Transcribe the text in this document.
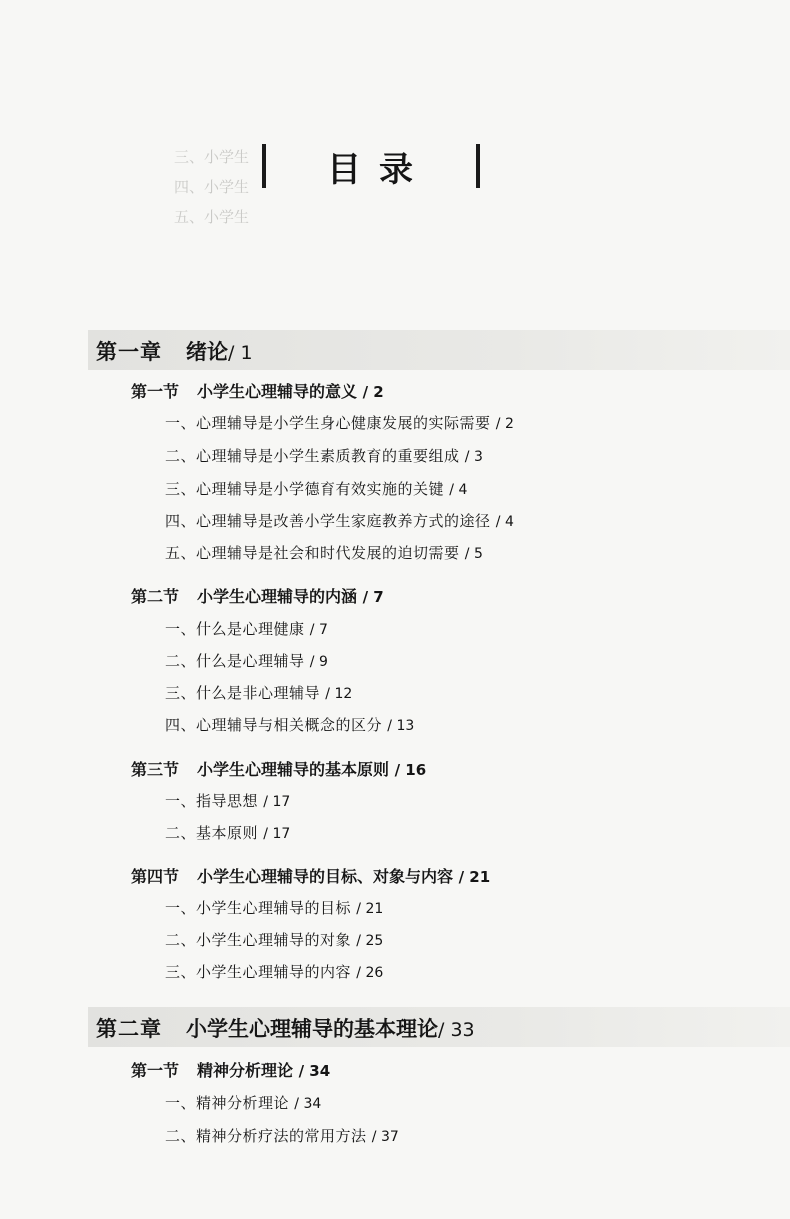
三、小学生
四、小学生
五、小学生
目录
第一章 绪论/ 1
第一节 小学生心理辅导的意义 / 2
一、心理辅导是小学生身心健康发展的实际需要 / 2
二、心理辅导是小学生素质教育的重要组成 / 3
三、心理辅导是小学德育有效实施的关键 / 4
四、心理辅导是改善小学生家庭教养方式的途径 / 4
五、心理辅导是社会和时代发展的迫切需要 / 5
第二节 小学生心理辅导的内涵 / 7
一、什么是心理健康 / 7
二、什么是心理辅导 / 9
三、什么是非心理辅导 / 12
四、心理辅导与相关概念的区分 / 13
第三节 小学生心理辅导的基本原则 / 16
一、指导思想 / 17
二、基本原则 / 17
第四节 小学生心理辅导的目标、对象与内容 / 21
一、小学生心理辅导的目标 / 21
二、小学生心理辅导的对象 / 25
三、小学生心理辅导的内容 / 26
第二章 小学生心理辅导的基本理论/ 33
第一节 精神分析理论 / 34
一、精神分析理论 / 34
二、精神分析疗法的常用方法 / 37
